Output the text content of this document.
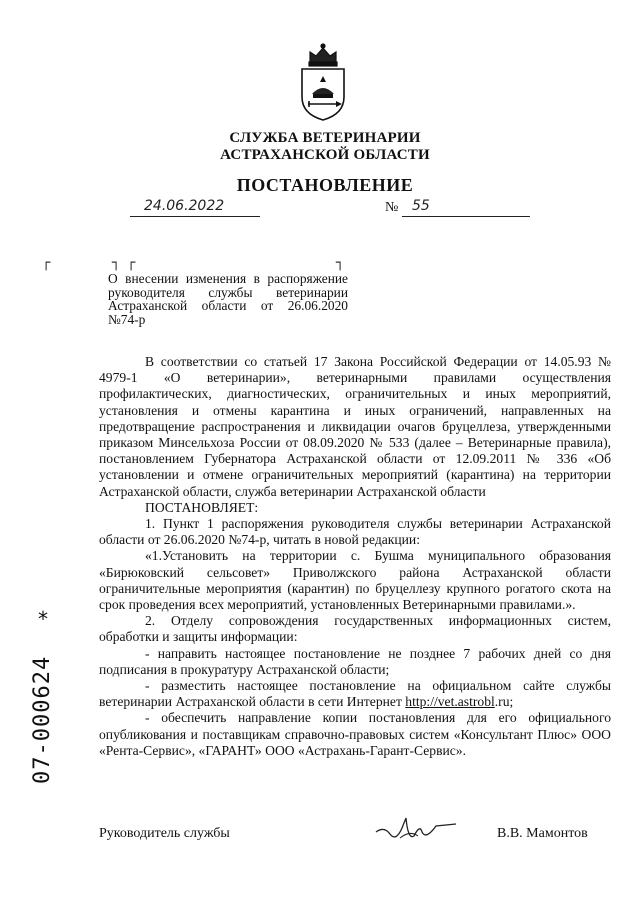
СЛУЖБА ВЕТЕРИНАРИИ
АСТРАХАНСКОЙ ОБЛАСТИ
ПОСТАНОВЛЕНИЕ
24.06.2022	№ 55
┌	┐ ┌	┐
О внесении изменения в распоряжение руководителя службы ветеринарии Астраханской области от 26.06.2020 №74-р

В соответствии со статьей 17 Закона Российской Федерации от 14.05.93 № 4979-1 «О ветеринарии», ветеринарными правилами осуществления профилактических, диагностических, ограничительных и иных мероприятий, установления и отмены карантина и иных ограничений, направленных на предотвращение распространения и ликвидации очагов бруцеллеза, утвержденными приказом Минсельхоза России от 08.09.2020 № 533 (далее – Ветеринарные правила), постановлением Губернатора Астраханской области от 12.09.2011 № 336 «Об установлении и отмене ограничительных мероприятий (карантина) на территории Астраханской области, служба ветеринарии Астраханской области

ПОСТАНОВЛЯЕТ:

1. Пункт 1 распоряжения руководителя службы ветеринарии Астраханской области от 26.06.2020 №74-р, читать в новой редакции:

«1.Установить на территории с. Бушма муниципального образования «Бирюковский сельсовет» Приволжского района Астраханской области ограничительные мероприятия (карантин) по бруцеллезу крупного рогатого скота на срок проведения всех мероприятий, установленных Ветеринарными правилами.».

2. Отделу сопровождения государственных информационных систем, обработки и защиты информации:

- направить настоящее постановление не позднее 7 рабочих дней со дня подписания в прокуратуру Астраханской области;

- разместить настоящее постановление на официальном сайте службы ветеринарии Астраханской области в сети Интернет http://vet.astrobl.ru;

- обеспечить направление копии постановления для его официального опубликования и поставщикам справочно-правовых систем «Консультант Плюс» ООО «Рента-Сервис», «ГАРАНТ» ООО «Астрахань-Гарант-Сервис».

*
07-000624
Руководитель службы	В.В. Мамонтов
